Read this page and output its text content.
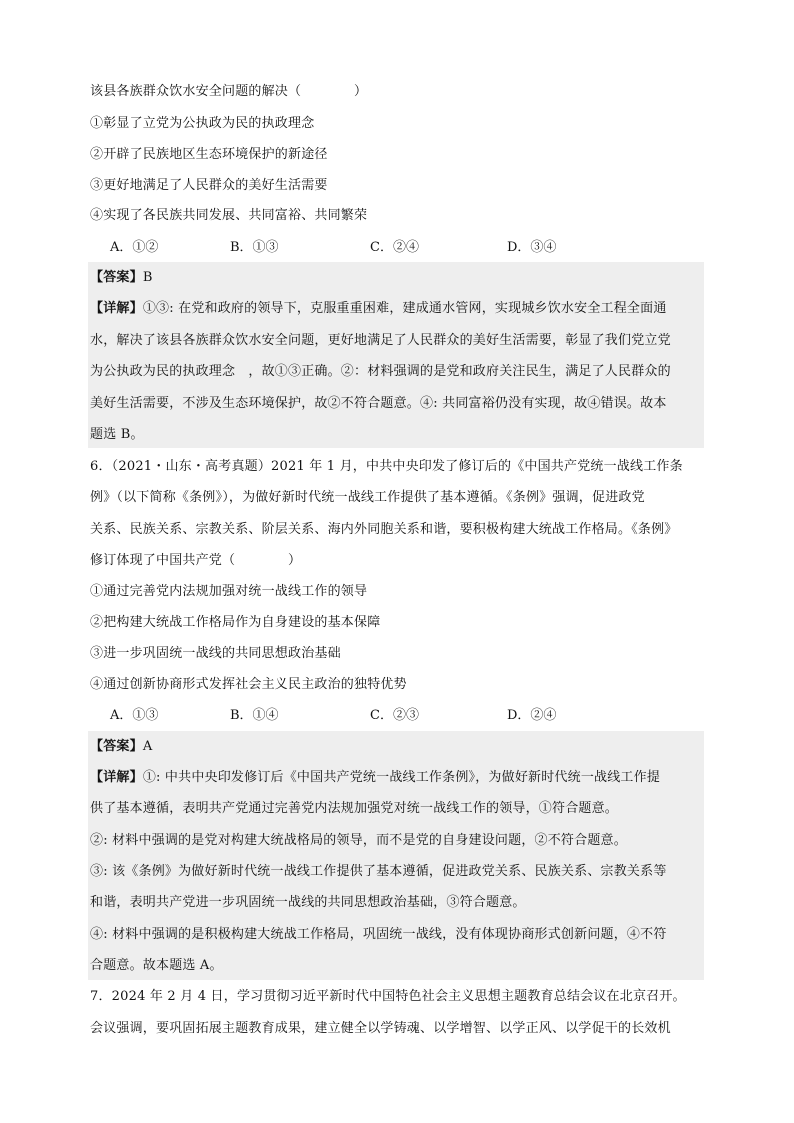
该县各族群众饮水安全问题的解决（　　　　）
①彰显了立党为公执政为民的执政理念
②开辟了民族地区生态环境保护的新途径
③更好地满足了人民群众的美好生活需要
④实现了各民族共同发展、共同富裕、共同繁荣
A．①②	B．①③	C．②④	D．③④
【答案】B
【详解】①③: 在党和政府的领导下，克服重重困难，建成通水管网，实现城乡饮水安全工程全面通
水，解决了该县各族群众饮水安全问题，更好地满足了人民群众的美好生活需要，彰显了我们党立党
为公执政为民的执政理念　，故①③正确。②：材料强调的是党和政府关注民生，满足了人民群众的
美好生活需要，不涉及生态环境保护，故②不符合题意。④: 共同富裕仍没有实现，故④错误。故本
题选 B。
6．（2021・山东・高考真题）2021 年 1 月，中共中央印发了修订后的《中国共产党统一战线工作条
例》（以下简称《条例》），为做好新时代统一战线工作提供了基本遵循。《条例》强调，促进政党
关系、民族关系、宗教关系、阶层关系、海内外同胞关系和谐，要积极构建大统战工作格局。《条例》
修订体现了中国共产党（　　　　）
①通过完善党内法规加强对统一战线工作的领导
②把构建大统战工作格局作为自身建设的基本保障
③进一步巩固统一战线的共同思想政治基础
④通过创新协商形式发挥社会主义民主政治的独特优势
A．①③	B．①④	C．②③	D．②④
【答案】A
【详解】①: 中共中央印发修订后《中国共产党统一战线工作条例》，为做好新时代统一战线工作提
供了基本遵循，表明共产党通过完善党内法规加强党对统一战线工作的领导，①符合题意。
②: 材料中强调的是党对构建大统战格局的领导，而不是党的自身建设问题，②不符合题意。
③: 该《条例》为做好新时代统一战线工作提供了基本遵循，促进政党关系、民族关系、宗教关系等
和谐，表明共产党进一步巩固统一战线的共同思想政治基础，③符合题意。
④: 材料中强调的是积极构建大统战工作格局，巩固统一战线，没有体现协商形式创新问题，④不符
合题意。故本题选 A。
7．2024 年 2 月 4 日，学习贯彻习近平新时代中国特色社会主义思想主题教育总结会议在北京召开。
会议强调，要巩固拓展主题教育成果，建立健全以学铸魂、以学增智、以学正风、以学促干的长效机
